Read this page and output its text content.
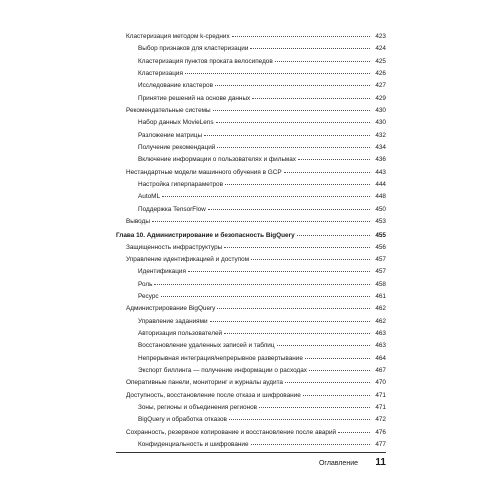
Кластеризация методом k-средних	423
Выбор признаков для кластеризации	424
Кластеризация пунктов проката велосипедов	425
Кластеризация	426
Исследование кластеров	427
Принятие решений на основе данных	429
Рекомендательные системы	430
Набор данных MovieLens	430
Разложение матрицы	432
Получение рекомендаций	434
Включение информации о пользователях и фильмах	436
Нестандартные модели машинного обучения в GCP	443
Настройка гиперпараметров	444
AutoML	448
Поддержка TensorFlow	450
Выводы	453
Глава 10. Администрирование и безопасность BigQuery	455
Защищенность инфраструктуры	456
Управление идентификацией и доступом	457
Идентификация	457
Роль	458
Ресурс	461
Администрирование BigQuery	462
Управление заданиями	462
Авторизация пользователей	463
Восстановление удаленных записей и таблиц	463
Непрерывная интеграция/непрерывное развертывание	464
Экспорт биллинга — получение информации о расходах	467
Оперативные панели, мониторинг и журналы аудита	470
Доступность, восстановление после отказа и шифрование	471
Зоны, регионы и объединения регионов	471
BigQuery и обработка отказов	472
Сохранность, резервное копирование и восстановление после аварий	476
Конфиденциальность и шифрование	477
Оглавление 11
